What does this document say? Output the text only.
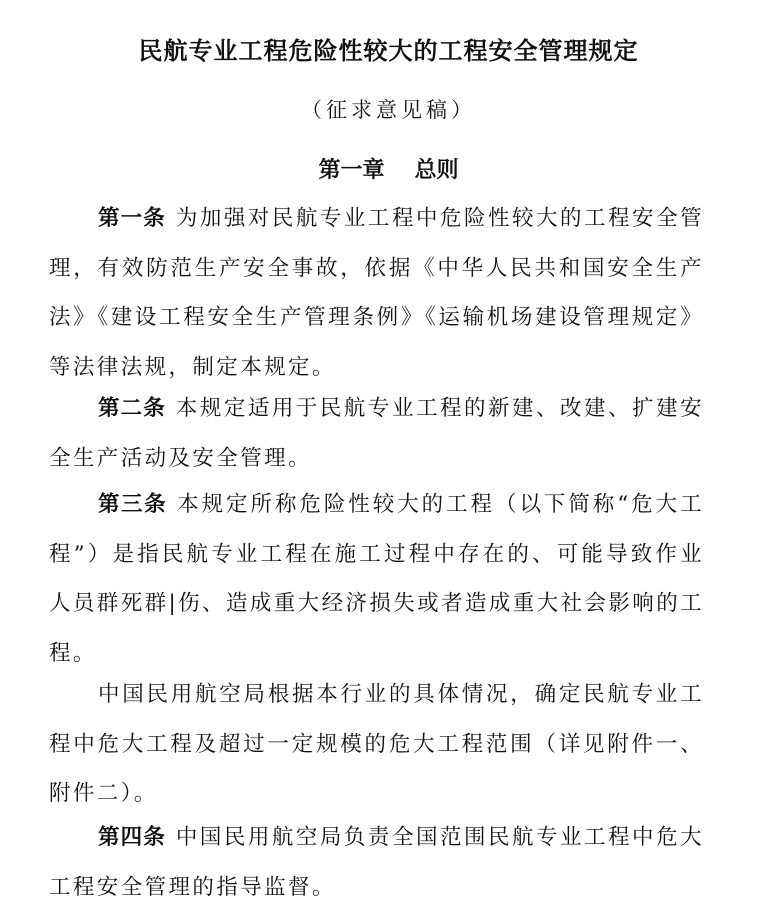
民航专业工程危险性较大的工程安全管理规定
（征求意见稿）
第一章 总则

第一条 为加强对民航专业工程中危险性较大的工程安全管理，有效防范生产安全事故，依据《中华人民共和国安全生产法》《建设工程安全生产管理条例》《运输机场建设管理规定》等法律法规，制定本规定。

第二条 本规定适用于民航专业工程的新建、改建、扩建安全生产活动及安全管理。

第三条 本规定所称危险性较大的工程（以下简称“危大工程”）是指民航专业工程在施工过程中存在的、可能导致作业人员群死群|伤、造成重大经济损失或者造成重大社会影响的工程。

中国民用航空局根据本行业的具体情况，确定民航专业工程中危大工程及超过一定规模的危大工程范围（详见附件一、附件二）。

第四条 中国民用航空局负责全国范围民航专业工程中危大工程安全管理的指导监督。
